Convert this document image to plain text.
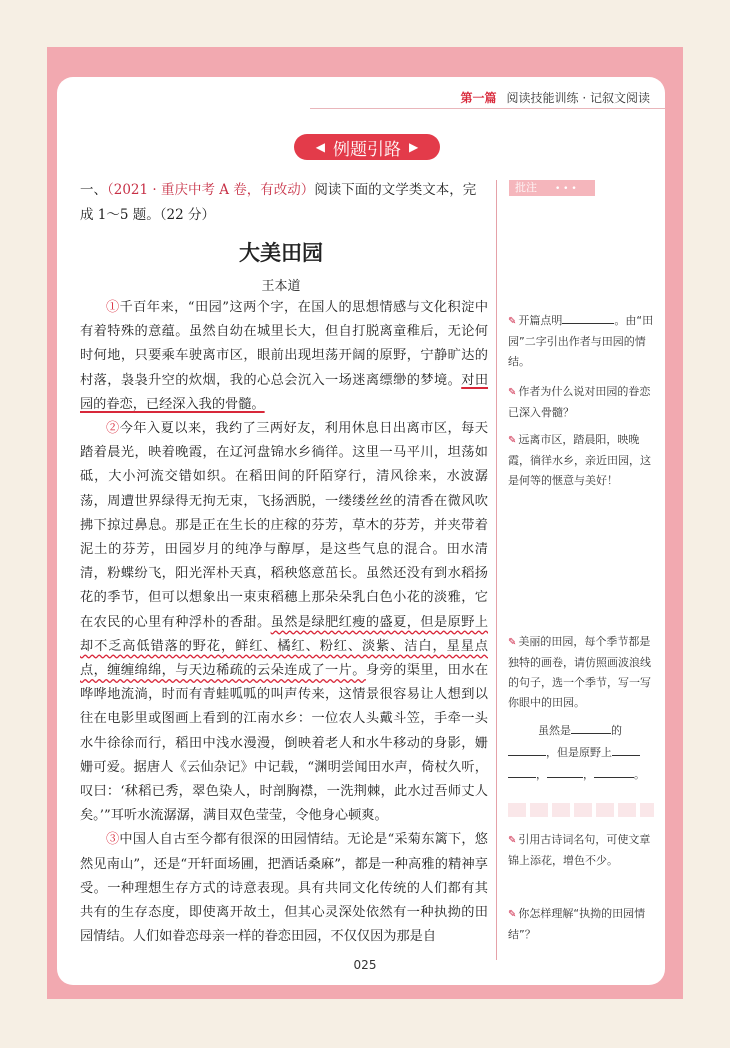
第一篇 阅读技能训练 · 记叙文阅读
◀ 例题引路 ▶
一、（2021 · 重庆中考 A 卷，有改动）阅读下面的文学类文本，完成 1～5 题。（22 分）
大美田园
王本道

①千百年来，“田园”这两个字，在国人的思想情感与文化积淀中有着特殊的意蕴。虽然自幼在城里长大，但自打脱离童稚后，无论何时何地，只要乘车驶离市区，眼前出现坦荡开阔的原野，宁静旷达的村落，袅袅升空的炊烟，我的心总会沉入一场迷离缥缈的梦境。对田园的眷恋，已经深入我的骨髓。

②今年入夏以来，我约了三两好友，利用休息日出离市区，每天踏着晨光，映着晚霞，在辽河盘锦水乡徜徉。这里一马平川，坦荡如砥，大小河流交错如织。在稻田间的阡陌穿行，清风徐来，水波潺荡，周遭世界绿得无拘无束，飞扬洒脱，一缕缕丝丝的清香在微风吹拂下掠过鼻息。那是正在生长的庄稼的芬芳，草木的芬芳，并夹带着泥土的芬芳，田园岁月的纯净与醇厚，是这些气息的混合。田水清清，粉蝶纷飞，阳光浑朴天真，稻秧悠意茁长。虽然还没有到水稻扬花的季节，但可以想象出一束束稻穗上那朵朵乳白色小花的淡雅，它在农民的心里有种浮朴的香甜。虽然是绿肥红瘦的盛夏，但是原野上却不乏高低错落的野花，鲜红、橘红、粉红、淡紫、洁白，星星点点，缠缠绵绵，与天边稀疏的云朵连成了一片。身旁的渠里，田水在哗哗地流淌，时而有青蛙呱呱的叫声传来，这情景很容易让人想到以往在电影里或图画上看到的江南水乡：一位农人头戴斗笠，手牵一头水牛徐徐而行，稻田中浅水漫漫，倒映着老人和水牛移动的身影，姗姗可爱。据唐人《云仙杂记》中记载，“渊明尝闻田水声，倚杖久听，叹曰：‘秫稻已秀，翠色染人，时剖胸襟，一洗荆棘，此水过吾师丈人矣。’”耳听水流潺潺，满目双色莹莹，令他身心顿爽。

③中国人自古至今都有很深的田园情结。无论是“采菊东篱下，悠然见南山”，还是“开轩面场圃，把酒话桑麻”，都是一种高雅的精神享受。一种理想生存方式的诗意表现。具有共同文化传统的人们都有其共有的生存态度，即使离开故土，但其心灵深处依然有一种执拗的田园情结。人们如眷恋母亲一样的眷恋田园，不仅仅因为那是自

批注 • • •
✎ 开篇点明	。由“田园”二字引出作者与田园的情结。
✎ 作者为什么说对田园的眷恋已深入骨髓？
✎ 远离市区，踏晨阳，映晚霞，徜徉水乡，亲近田园，这是何等的惬意与美好！
✎ 美丽的田园，每个季节都是独特的画卷，请仿照画波浪线的句子，选一个季节，写一写你眼中的田园。
虽然是	的
，但是原野上
，	，	。
✎ 引用古诗词名句，可使文章锦上添花，增色不少。
✎ 你怎样理解“执拗的田园情结”？
025
